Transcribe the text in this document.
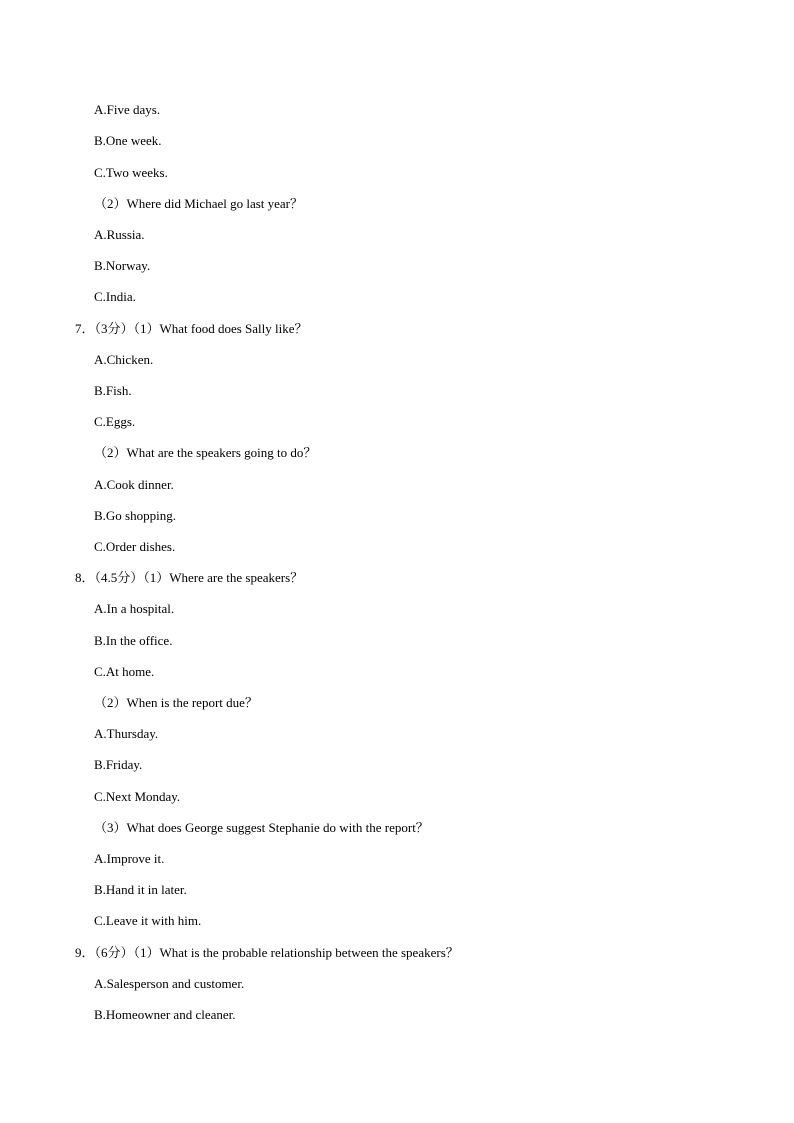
A.Five days.
B.One week.
C.Two weeks.
（2）Where did Michael go last year？
A.Russia.
B.Norway.
C.India.
7．（3分）（1）What food does Sally like？
A.Chicken.
B.Fish.
C.Eggs.
（2）What are the speakers going to do？
A.Cook dinner.
B.Go shopping.
C.Order dishes.
8．（4.5分）（1）Where are the speakers？
A.In a hospital.
B.In the office.
C.At home.
（2）When is the report due？
A.Thursday.
B.Friday.
C.Next Monday.
（3）What does George suggest Stephanie do with the report？
A.Improve it.
B.Hand it in later.
C.Leave it with him.
9．（6分）（1）What is the probable relationship between the speakers？
A.Salesperson and customer.
B.Homeowner and cleaner.
